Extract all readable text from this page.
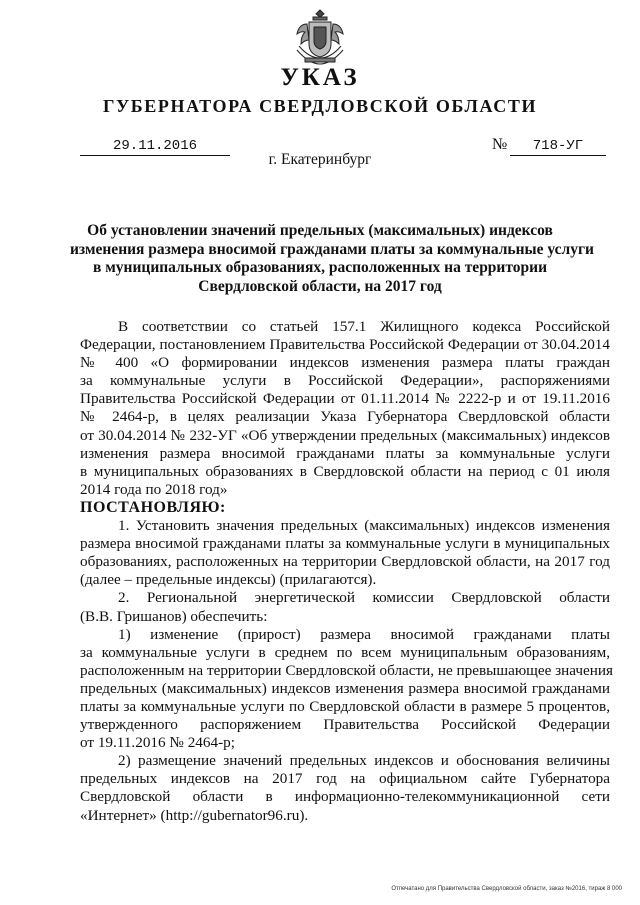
УКАЗ
ГУБЕРНАТОРА СВЕРДЛОВСКОЙ ОБЛАСТИ
29.11.2016	№	718-УГ
г. Екатеринбург
Об установлении значений предельных (максимальных) индексов
изменения размера вносимой гражданами платы за коммунальные услуги
в муниципальных образованиях, расположенных на территории
Свердловской области, на 2017 год
В соответствии со статьей 157.1 Жилищного кодекса Российской
Федерации, постановлением Правительства Российской Федерации от 30.04.2014
№ 400 «О формировании индексов изменения размера платы граждан
за коммунальные услуги в Российской Федерации», распоряжениями
Правительства Российской Федерации от 01.11.2014 № 2222-р и от 19.11.2016
№ 2464-р, в целях реализации Указа Губернатора Свердловской области
от 30.04.2014 № 232-УГ «Об утверждении предельных (максимальных) индексов
изменения размера вносимой гражданами платы за коммунальные услуги
в муниципальных образованиях в Свердловской области на период с 01 июля
2014 года по 2018 год»
ПОСТАНОВЛЯЮ:
1. Установить значения предельных (максимальных) индексов изменения
размера вносимой гражданами платы за коммунальные услуги в муниципальных
образованиях, расположенных на территории Свердловской области, на 2017 год
(далее – предельные индексы) (прилагаются).
2. Региональной энергетической комиссии Свердловской области
(В.В. Гришанов) обеспечить:
1) изменение (прирост) размера вносимой гражданами платы
за коммунальные услуги в среднем по всем муниципальным образованиям,
расположенным на территории Свердловской области, не превышающее значения
предельных (максимальных) индексов изменения размера вносимой гражданами
платы за коммунальные услуги по Свердловской области в размере 5 процентов,
утвержденного распоряжением Правительства Российской Федерации
от 19.11.2016 № 2464-р;
2) размещение значений предельных индексов и обоснования величины
предельных индексов на 2017 год на официальном сайте Губернатора
Свердловской области в информационно-телекоммуникационной сети
«Интернет» (http://gubernator96.ru).
Отпечатано для Правительства Свердловской области, заказ №2016, тираж 8 000
